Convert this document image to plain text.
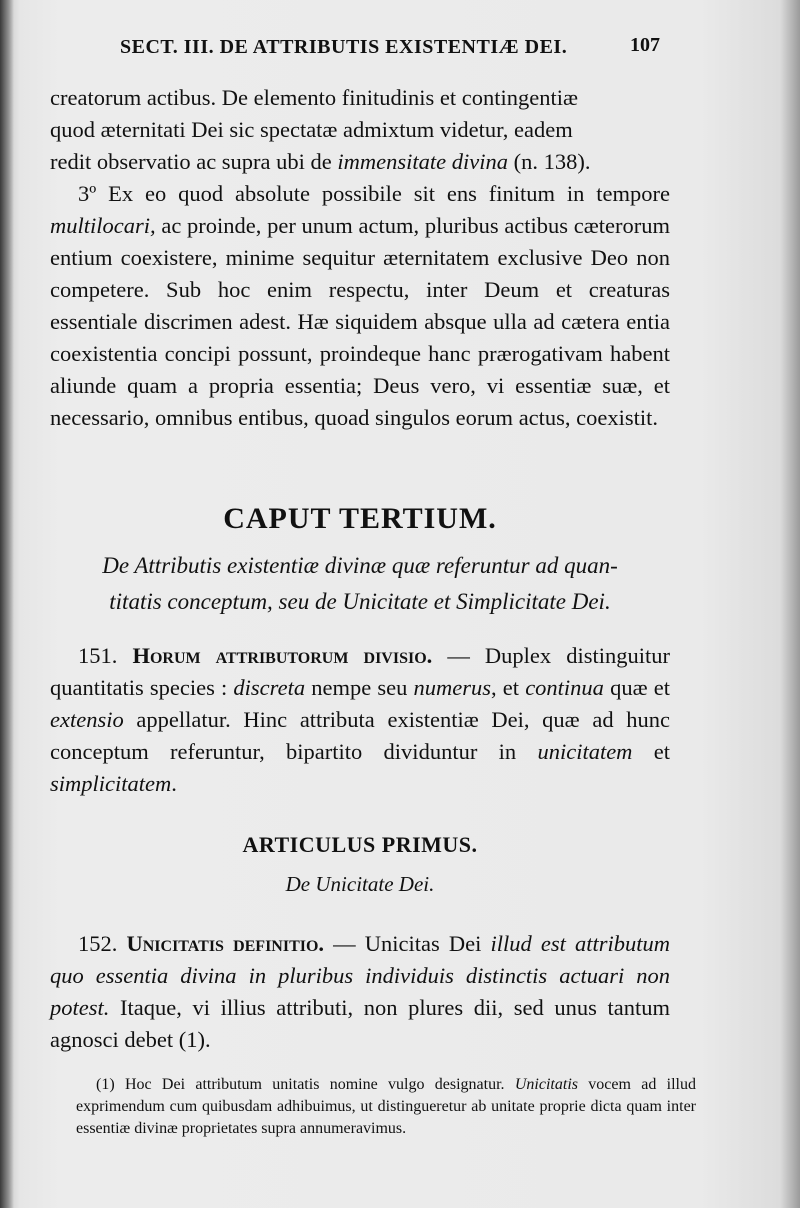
SECT. III. DE ATTRIBUTIS EXISTENTIÆ DEI.	107
creatorum actibus. De elemento finitudinis et contingentiæ
quod æternitati Dei sic spectatæ admixtum videtur, eadem
redit observatio ac supra ubi de immensitate divina (n. 138).
3º Ex eo quod absolute possibile sit ens finitum in tempore multilocari, ac proinde, per unum actum, pluribus actibus cæterorum entium coexistere, minime sequitur æternitatem exclusive Deo non competere. Sub hoc enim respectu, inter Deum et creaturas essentiale discrimen adest. Hæ siquidem absque ulla ad cætera entia coexistentia concipi possunt, proindeque hanc prærogativam habent aliunde quam a propria essentia; Deus vero, vi essentiæ suæ, et necessario, omnibus entibus, quoad singulos eorum actus, coexistit.
CAPUT TERTIUM.
De Attributis existentiæ divinæ quæ referuntur ad quan-
titatis conceptum, seu de Unicitate et Simplicitate Dei.
151. Horum attributorum divisio. — Duplex distinguitur quantitatis species : discreta nempe seu numerus, et continua quæ et extensio appellatur. Hinc attributa existentiæ Dei, quæ ad hunc conceptum referuntur, bipartito dividuntur in unicitatem et simplicitatem.
ARTICULUS PRIMUS.
De Unicitate Dei.
152. Unicitatis definitio. — Unicitas Dei illud est attributum quo essentia divina in pluribus individuis distinctis actuari non potest. Itaque, vi illius attributi, non plures dii, sed unus tantum agnosci debet (1).
(1) Hoc Dei attributum unitatis nomine vulgo designatur. Unicitatis vocem ad illud exprimendum cum quibusdam adhibuimus, ut distingueretur ab unitate proprie dicta quam inter essentiæ divinæ proprietates supra annumeravimus.
